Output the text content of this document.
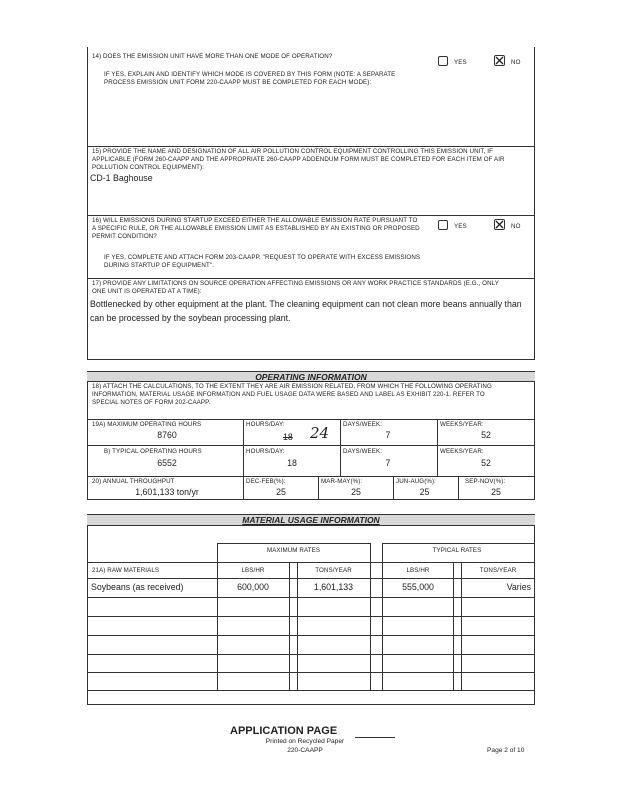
14) DOES THE EMISSION UNIT HAVE MORE THAN ONE MODE OF OPERATION?
IF YES, EXPLAIN AND IDENTIFY WHICH MODE IS COVERED BY THIS FORM (NOTE: A SEPARATE PROCESS EMISSION UNIT FORM 220-CAAPP MUST BE COMPLETED FOR EACH MODE):
YES	NO
15) PROVIDE THE NAME AND DESIGNATION OF ALL AIR POLLUTION CONTROL EQUIPMENT CONTROLLING THIS EMISSION UNIT, IF APPLICABLE (FORM 260-CAAPP AND THE APPROPRIATE 260-CAAPP ADDENDUM FORM MUST BE COMPLETED FOR EACH ITEM OF AIR POLLUTION CONTROL EQUIPMENT):
CD-1 Baghouse
16) WILL EMISSIONS DURING STARTUP EXCEED EITHER THE ALLOWABLE EMISSION RATE PURSUANT TO A SPECIFIC RULE, OR THE ALLOWABLE EMISSION LIMIT AS ESTABLISHED BY AN EXISTING OR PROPOSED PERMIT CONDITION?
IF YES, COMPLETE AND ATTACH FORM 203-CAAPP, "REQUEST TO OPERATE WITH EXCESS EMISSIONS DURING STARTUP OF EQUIPMENT".
YES	NO
17) PROVIDE ANY LIMITATIONS ON SOURCE OPERATION AFFECTING EMISSIONS OR ANY WORK PRACTICE STANDARDS (E.G., ONLY ONE UNIT IS OPERATED AT A TIME):
Bottlenecked by other equipment at the plant. The cleaning equipment can not clean more beans annually than can be processed by the soybean processing plant.
OPERATING INFORMATION
18) ATTACH THE CALCULATIONS, TO THE EXTENT THEY ARE AIR EMISSION RELATED, FROM WHICH THE FOLLOWING OPERATING INFORMATION, MATERIAL USAGE INFORMATION AND FUEL USAGE DATA WERE BASED AND LABEL AS EXHIBIT 220-1. REFER TO SPECIAL NOTES OF FORM 202-CAAPP.
19A) MAXIMUM OPERATING HOURS
8760
HOURS/DAY:
18 24 DAYS/WEEK:
7
WEEKS/YEAR:
52
B) TYPICAL OPERATING HOURS
6552
HOURS/DAY:
18
DAYS/WEEK:
7
WEEKS/YEAR:
52
20) ANNUAL THROUGHPUT
1,601,133 ton/yr
DEC-FEB(%):
25
MAR-MAY(%):
25
JUN-AUG(%):
25
SEP-NOV(%):
25
MATERIAL USAGE INFORMATION
MAXIMUM RATES	TYPICAL RATES
21A) RAW MATERIALS	LBS/HR	TONS/YEAR	LBS/HR	TONS/YEAR
Soybeans (as received)	600,000	1,601,133	555,000	Varies
APPLICATION PAGE
Printed on Recycled Paper
220-CAAPP	Page 2 of 10
